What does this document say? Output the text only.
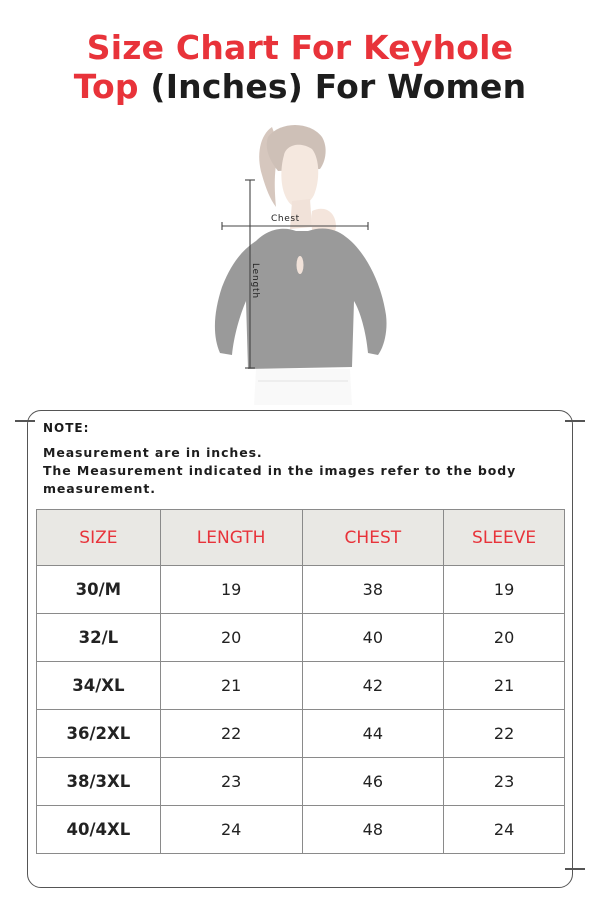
Size Chart For Keyhole
Top (Inches) For Women
Chest
Length
NOTE:
Measurement are in inches.
The Measurement indicated in the images refer to the body
measurement.
SIZE	LENGTH	CHEST	SLEEVE
30/M	19	38	19
32/L	20	40	20
34/XL	21	42	21
36/2XL	22	44	22
38/3XL	23	46	23
40/4XL	24	48	24
